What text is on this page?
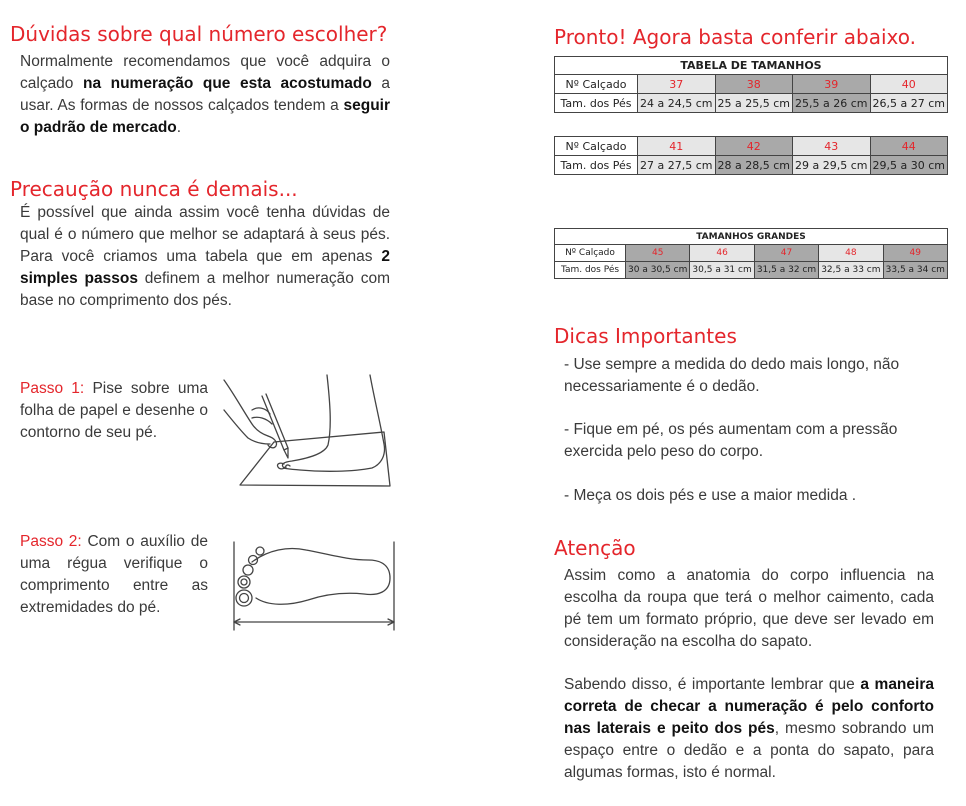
Dúvidas sobre qual número escolher?
Normalmente recomendamos que você adquira o calçado na numeração que esta acostumado a usar. As formas de nossos calçados tendem a seguir o padrão de mercado.
Precaução nunca é demais...
É possível que ainda assim você tenha dúvidas de qual é o número que melhor se adaptará à seus pés. Para você criamos uma tabela que em apenas 2 simples passos definem a melhor numeração com base no comprimento dos pés.
Passo 1: Pise sobre uma folha de papel e desenhe o contorno de seu pé.
Passo 2: Com o auxílio de uma régua verifique o comprimento entre as extremidades do pé.
Pronto! Agora basta conferir abaixo.
TABELA DE TAMANHOS				
Nº Calçado	37	38	39	40
Tam. dos Pés	24 a 24,5 cm	25 a 25,5 cm	25,5 a 26 cm	26,5 a 27 cm
Nº Calçado	41	42	43	44
Tam. dos Pés	27 a 27,5 cm	28 a 28,5 cm	29 a 29,5 cm	29,5 a 30 cm
TAMANHOS GRANDES					
Nº Calçado	45	46	47	48	49
Tam. dos Pés	30 a 30,5 cm	30,5 a 31 cm	31,5 a 32 cm	32,5 a 33 cm	33,5 a 34 cm
Dicas Importantes
- Use sempre a medida do dedo mais longo, não necessariamente é o dedão.
- Fique em pé, os pés aumentam com a pressão exercida pelo peso do corpo.
- Meça os dois pés e use a maior medida .
Atenção
Assim como a anatomia do corpo influencia na escolha da roupa que terá o melhor caimento, cada pé tem um formato próprio, que deve ser levado em consideração na escolha do sapato.
Sabendo disso, é importante lembrar que a maneira correta de checar a numeração é pelo conforto nas laterais e peito dos pés, mesmo sobrando um espaço entre o dedão e a ponta do sapato, para algumas formas, isto é normal.
